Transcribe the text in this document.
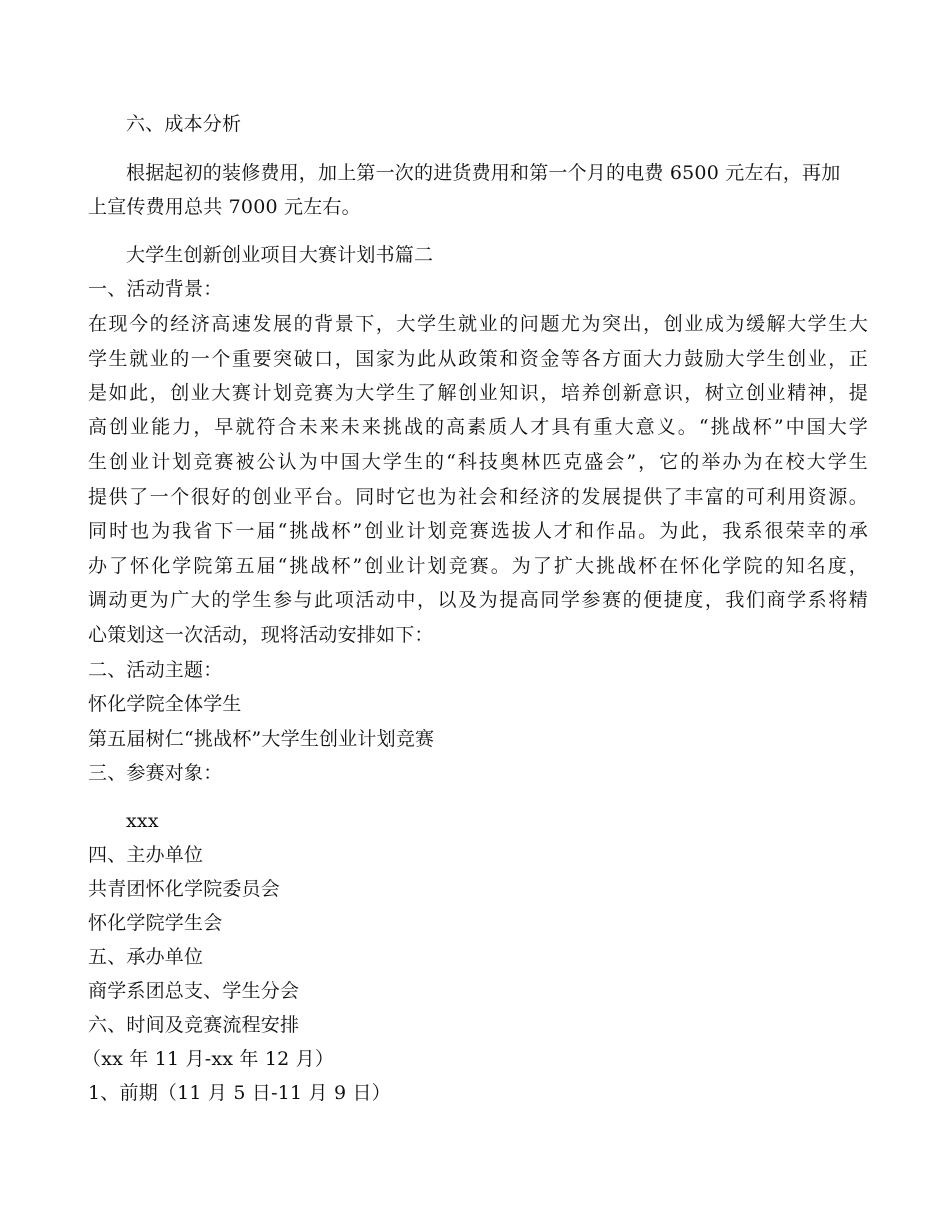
六、成本分析
根据起初的装修费用，加上第一次的进货费用和第一个月的电费 6500 元左右，再加
上宣传费用总共 7000 元左右。
大学生创新创业项目大赛计划书篇二
一、活动背景：
在现今的经济高速发展的背景下，大学生就业的问题尤为突出，创业成为缓解大学生大
学生就业的一个重要突破口，国家为此从政策和资金等各方面大力鼓励大学生创业，正
是如此，创业大赛计划竞赛为大学生了解创业知识，培养创新意识，树立创业精神，提
高创业能力，早就符合未来未来挑战的高素质人才具有重大意义。“挑战杯”中国大学
生创业计划竞赛被公认为中国大学生的“科技奥林匹克盛会”，它的举办为在校大学生
提供了一个很好的创业平台。同时它也为社会和经济的发展提供了丰富的可利用资源。
同时也为我省下一届“挑战杯”创业计划竞赛选拔人才和作品。为此，我系很荣幸的承
办了怀化学院第五届“挑战杯”创业计划竞赛。为了扩大挑战杯在怀化学院的知名度，
调动更为广大的学生参与此项活动中，以及为提高同学参赛的便捷度，我们商学系将精
心策划这一次活动，现将活动安排如下：
二、活动主题：
怀化学院全体学生
第五届树仁“挑战杯”大学生创业计划竞赛
三、参赛对象：
xxx
四、主办单位
共青团怀化学院委员会
怀化学院学生会
五、承办单位
商学系团总支、学生分会
六、时间及竞赛流程安排
（xx 年 11 月-xx 年 12 月）
1、前期（11 月 5 日-11 月 9 日）
